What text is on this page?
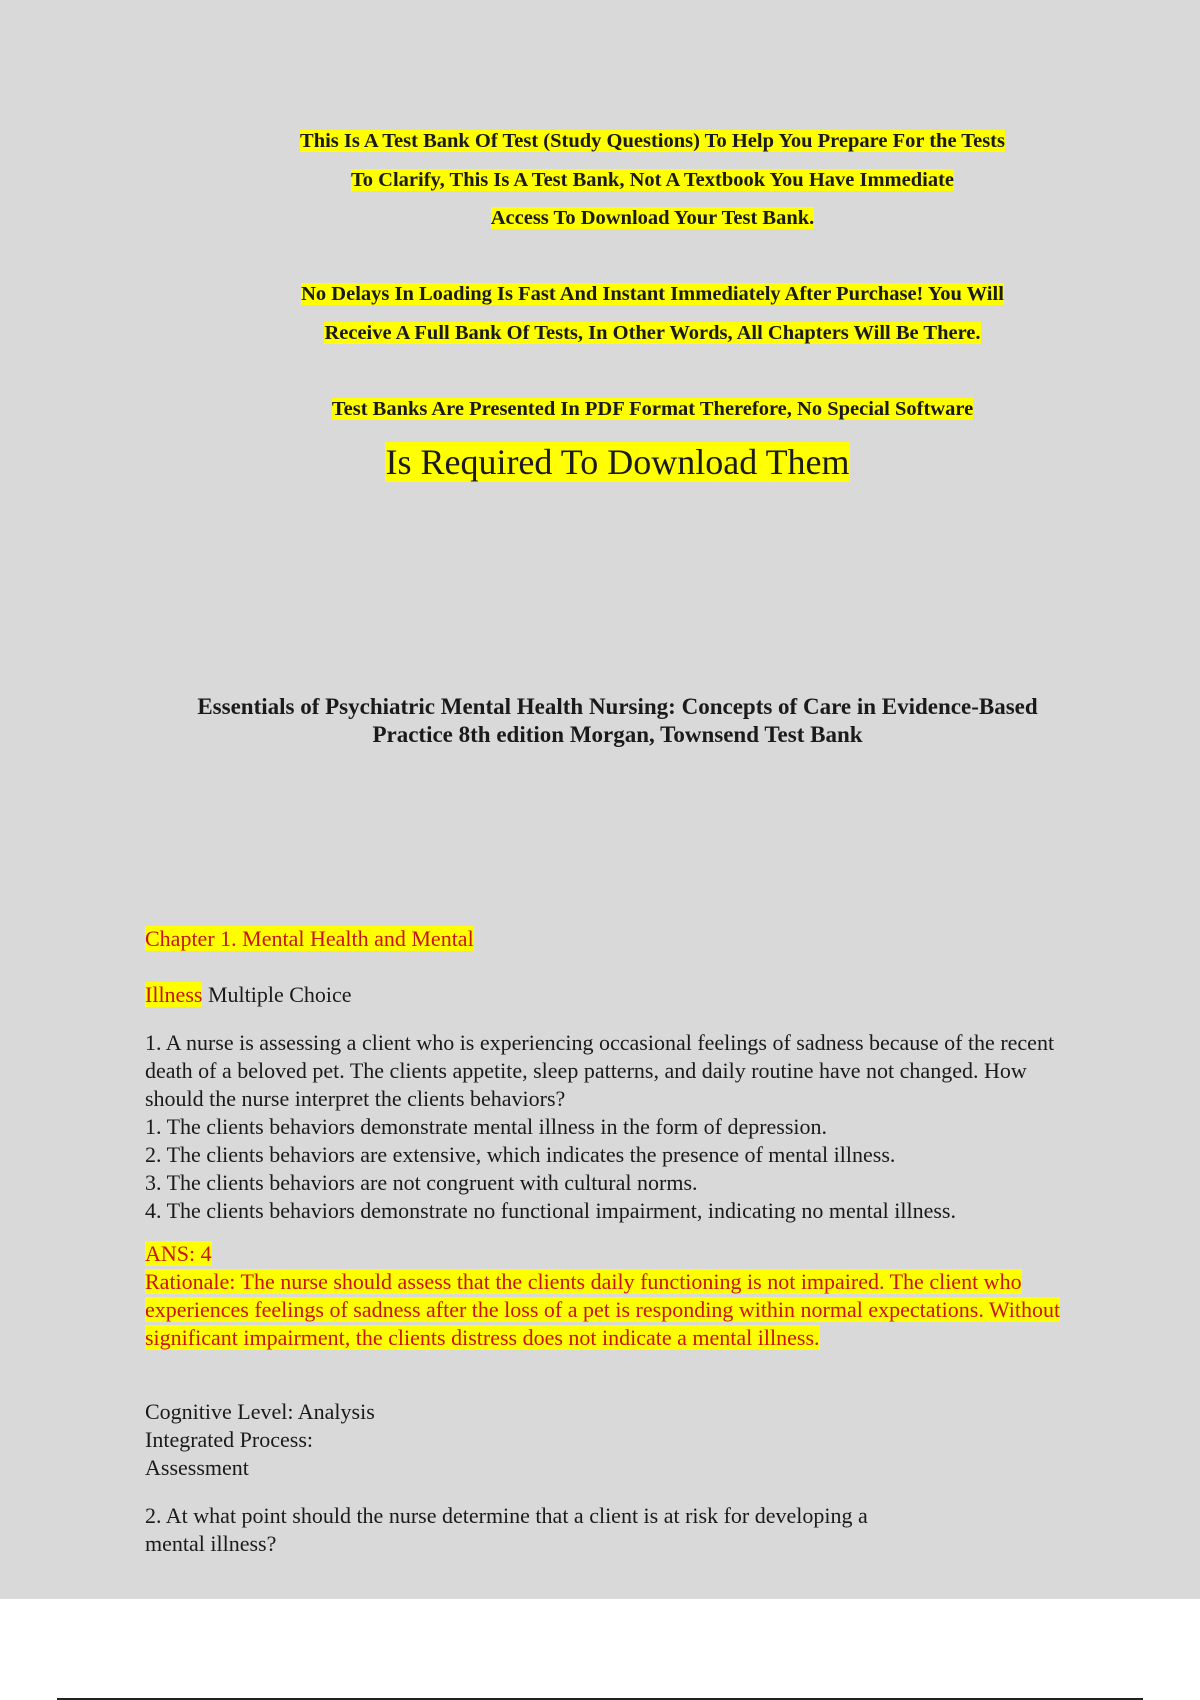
This Is A Test Bank Of Test (Study Questions) To Help You Prepare For the Tests
To Clarify, This Is A Test Bank, Not A Textbook You Have Immediate
Access To Download Your Test Bank.
No Delays In Loading Is Fast And Instant Immediately After Purchase! You Will
Receive A Full Bank Of Tests, In Other Words, All Chapters Will Be There.
Test Banks Are Presented In PDF Format Therefore, No Special Software
Is Required To Download Them
Essentials of Psychiatric Mental Health Nursing: Concepts of Care in Evidence-Based
Practice 8th edition Morgan, Townsend Test Bank
Chapter 1. Mental Health and Mental
Illness Multiple Choice
1. A nurse is assessing a client who is experiencing occasional feelings of sadness because of the recent death of a beloved pet. The clients appetite, sleep patterns, and daily routine have not changed. How should the nurse interpret the clients behaviors?
1. The clients behaviors demonstrate mental illness in the form of depression.
2. The clients behaviors are extensive, which indicates the presence of mental illness.
3. The clients behaviors are not congruent with cultural norms.
4. The clients behaviors demonstrate no functional impairment, indicating no mental illness.
ANS: 4
Rationale: The nurse should assess that the clients daily functioning is not impaired. The client who experiences feelings of sadness after the loss of a pet is responding within normal expectations. Without significant impairment, the clients distress does not indicate a mental illness.
Cognitive Level: Analysis
Integrated Process:
Assessment
2. At what point should the nurse determine that a client is at risk for developing a
mental illness?
